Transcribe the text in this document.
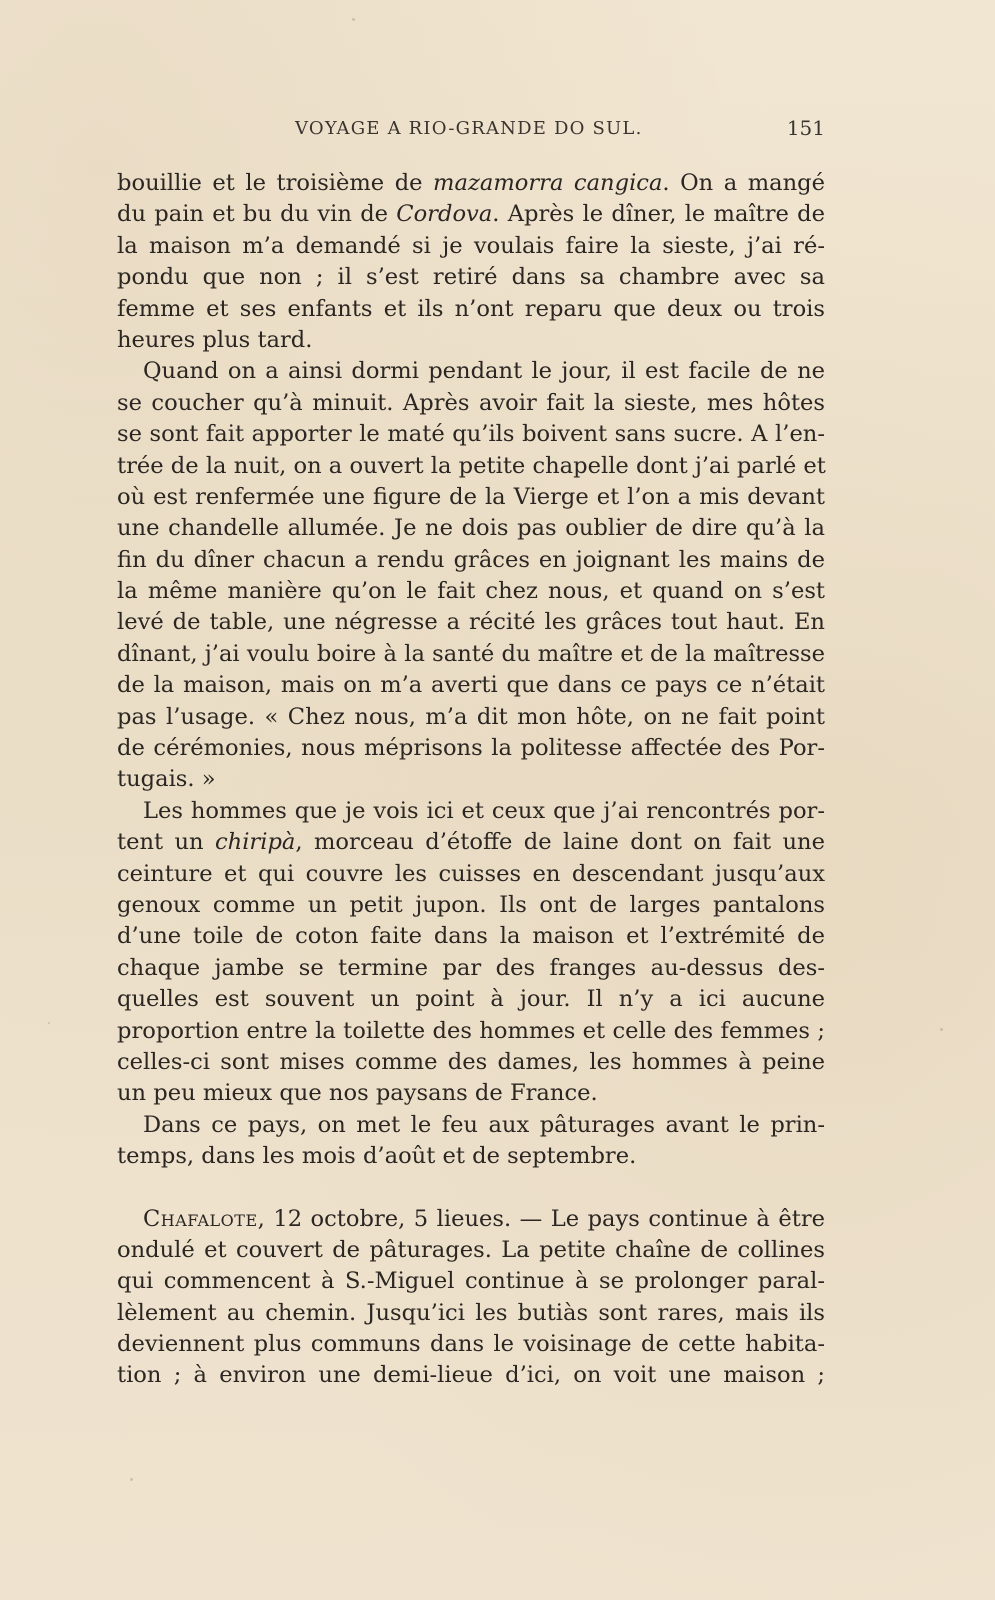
VOYAGE A RIO-GRANDE DO SUL.	151
bouillie et le troisième de mazamorra cangica. On a mangé
du pain et bu du vin de Cordova. Après le dîner, le maître de
la maison m’a demandé si je voulais faire la sieste, j’ai ré-
pondu que non ; il s’est retiré dans sa chambre avec sa
femme et ses enfants et ils n’ont reparu que deux ou trois
heures plus tard.
Quand on a ainsi dormi pendant le jour, il est facile de ne
se coucher qu’à minuit. Après avoir fait la sieste, mes hôtes
se sont fait apporter le maté qu’ils boivent sans sucre. A l’en-
trée de la nuit, on a ouvert la petite chapelle dont j’ai parlé et
où est renfermée une figure de la Vierge et l’on a mis devant
une chandelle allumée. Je ne dois pas oublier de dire qu’à la
fin du dîner chacun a rendu grâces en joignant les mains de
la même manière qu’on le fait chez nous, et quand on s’est
levé de table, une négresse a récité les grâces tout haut. En
dînant, j’ai voulu boire à la santé du maître et de la maîtresse
de la maison, mais on m’a averti que dans ce pays ce n’était
pas l’usage. « Chez nous, m’a dit mon hôte, on ne fait point
de cérémonies, nous méprisons la politesse affectée des Por-
tugais. »
Les hommes que je vois ici et ceux que j’ai rencontrés por-
tent un chiripà, morceau d’étoffe de laine dont on fait une
ceinture et qui couvre les cuisses en descendant jusqu’aux
genoux comme un petit jupon. Ils ont de larges pantalons
d’une toile de coton faite dans la maison et l’extrémité de
chaque jambe se termine par des franges au-dessus des-
quelles est souvent un point à jour. Il n’y a ici aucune
proportion entre la toilette des hommes et celle des femmes ;
celles-ci sont mises comme des dames, les hommes à peine
un peu mieux que nos paysans de France.
Dans ce pays, on met le feu aux pâturages avant le prin-
temps, dans les mois d’août et de septembre.
Chafalote, 12 octobre, 5 lieues. — Le pays continue à être
ondulé et couvert de pâturages. La petite chaîne de collines
qui commencent à S.-Miguel continue à se prolonger paral-
lèlement au chemin. Jusqu’ici les butiàs sont rares, mais ils
deviennent plus communs dans le voisinage de cette habita-
tion ; à environ une demi-lieue d’ici, on voit une maison ;
